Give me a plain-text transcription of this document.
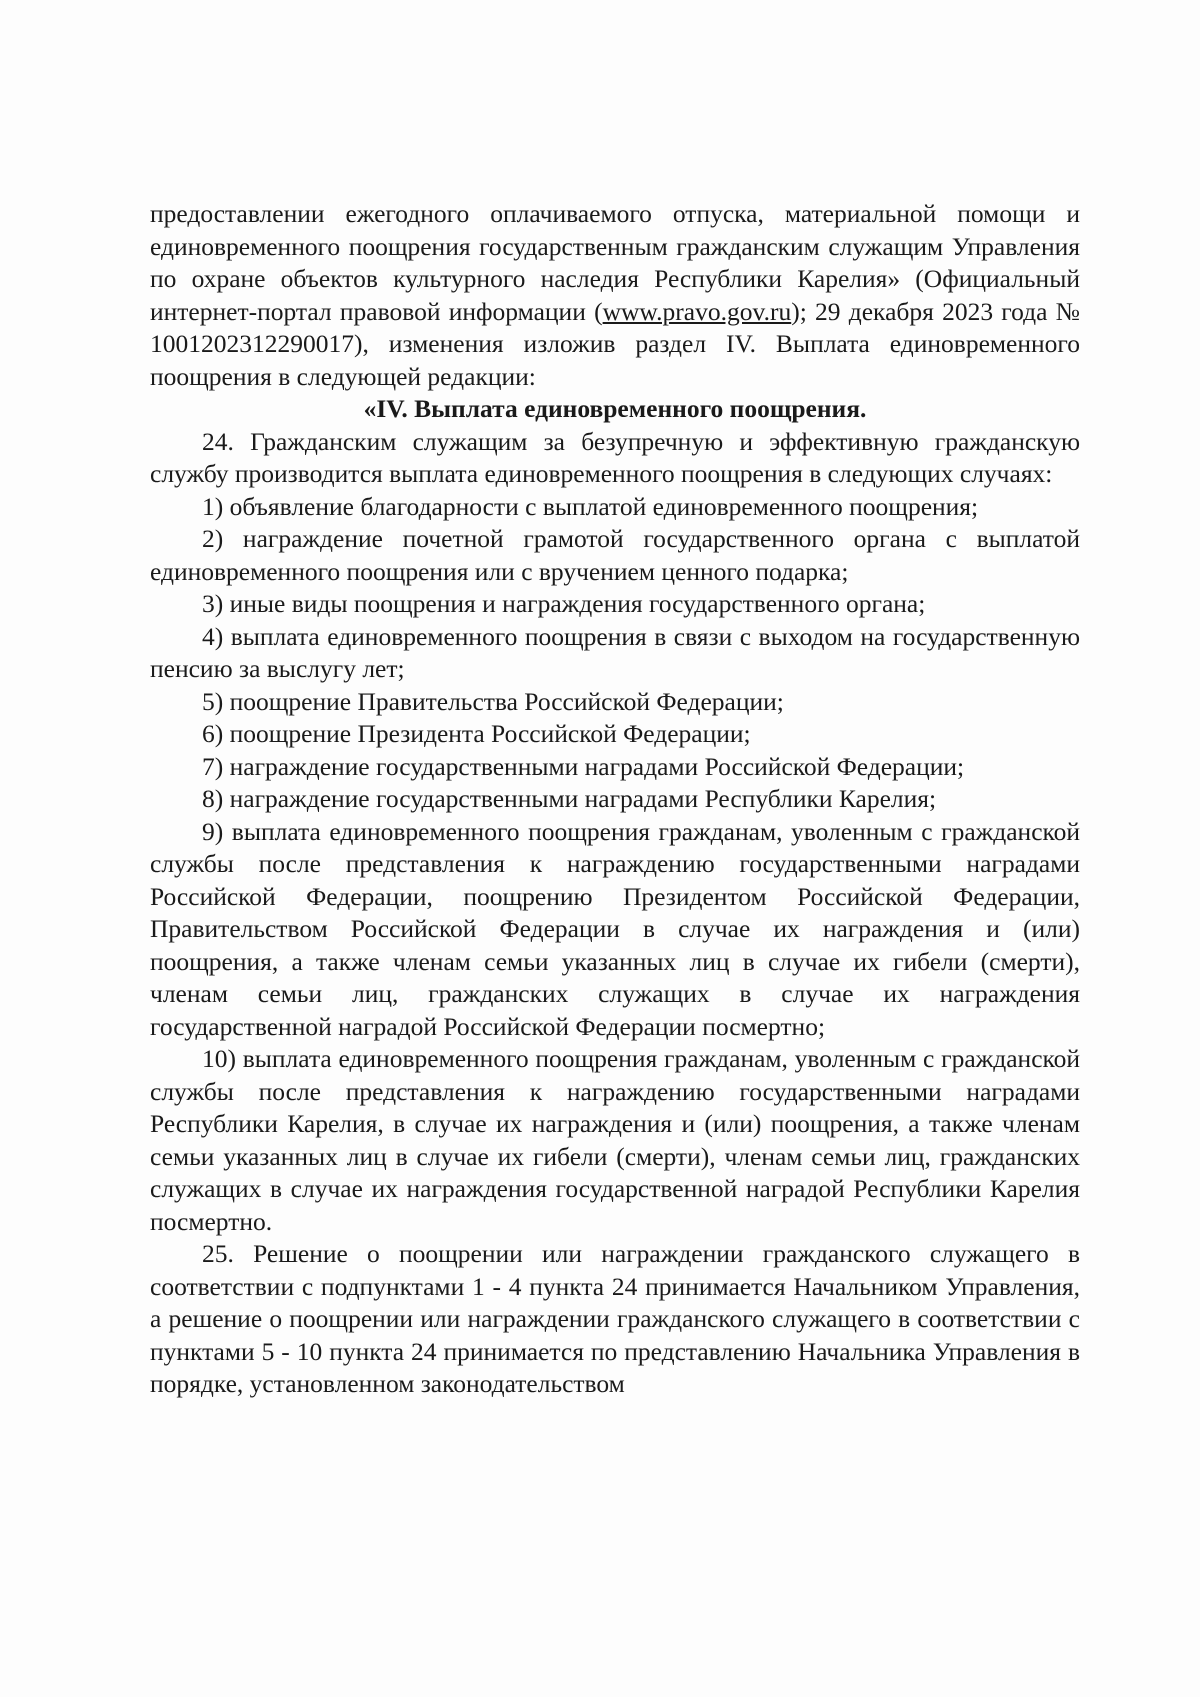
предоставлении ежегодного оплачиваемого отпуска, материальной помощи и единовременного поощрения государственным гражданским служащим Управления по охране объектов культурного наследия Республики Карелия» (Официальный интернет-портал правовой информации (www.pravo.gov.ru); 29 декабря 2023 года № 1001202312290017), изменения изложив раздел IV. Выплата единовременного поощрения в следующей редакции:

«IV. Выплата единовременного поощрения.

24. Гражданским служащим за безупречную и эффективную гражданскую службу производится выплата единовременного поощрения в следующих случаях:

1) объявление благодарности с выплатой единовременного поощрения;

2) награждение почетной грамотой государственного органа с выплатой единовременного поощрения или с вручением ценного подарка;

3) иные виды поощрения и награждения государственного органа;

4) выплата единовременного поощрения в связи с выходом на государственную пенсию за выслугу лет;

5) поощрение Правительства Российской Федерации;

6) поощрение Президента Российской Федерации;

7) награждение государственными наградами Российской Федерации;

8) награждение государственными наградами Республики Карелия;

9) выплата единовременного поощрения гражданам, уволенным с гражданской службы после представления к награждению государственными наградами Российской Федерации, поощрению Президентом Российской Федерации, Правительством Российской Федерации в случае их награждения и (или) поощрения, а также членам семьи указанных лиц в случае их гибели (смерти), членам семьи лиц, гражданских служащих в случае их награждения государственной наградой Российской Федерации посмертно;

10) выплата единовременного поощрения гражданам, уволенным с гражданской службы после представления к награждению государственными наградами Республики Карелия, в случае их награждения и (или) поощрения, а также членам семьи указанных лиц в случае их гибели (смерти), членам семьи лиц, гражданских служащих в случае их награждения государственной наградой Республики Карелия посмертно.

25. Решение о поощрении или награждении гражданского служащего в соответствии с подпунктами 1 - 4 пункта 24 принимается Начальником Управления, а решение о поощрении или награждении гражданского служащего в соответствии с пунктами 5 - 10 пункта 24 принимается по представлению Начальника Управления в порядке, установленном законодательством
